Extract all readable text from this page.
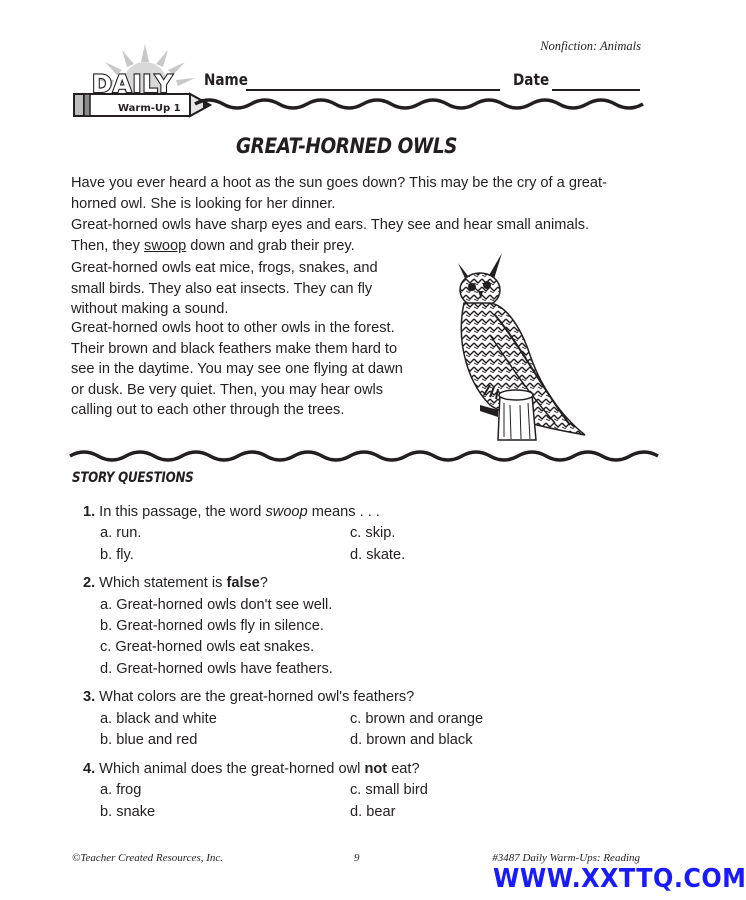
Nonfiction: Animals
Warm-Up 1
DAILY Name	Date
GREAT-HORNED OWLS
Have you ever heard a hoot as the sun goes down? This may be the cry of a great-horned owl. She is looking for her dinner.
Great-horned owls have sharp eyes and ears. They see and hear small animals. Then, they swoop down and grab their prey.
Great-horned owls eat mice, frogs, snakes, and small birds. They also eat insects. They can fly without making a sound.
Great-horned owls hoot to other owls in the forest. Their brown and black feathers make them hard to see in the daytime. You may see one flying at dawn or dusk. Be very quiet. Then, you may hear owls calling out to each other through the trees.
STORY QUESTIONS
1. In this passage, the word swoop means . . .
a. run.	c. skip.
b. fly.	d. skate.
2. Which statement is false?
a. Great-horned owls don't see well.
b. Great-horned owls fly in silence.
c. Great-horned owls eat snakes.
d. Great-horned owls have feathers.
3. What colors are the great-horned owl's feathers?
a. black and white	c. brown and orange
b. blue and red	d. brown and black
4. Which animal does the great-horned owl not eat?
a. frog	c. small bird
b. snake	d. bear
©Teacher Created Resources, Inc.	9	#3487 Daily Warm-Ups: Reading
WWW.XXTTQ.COM
